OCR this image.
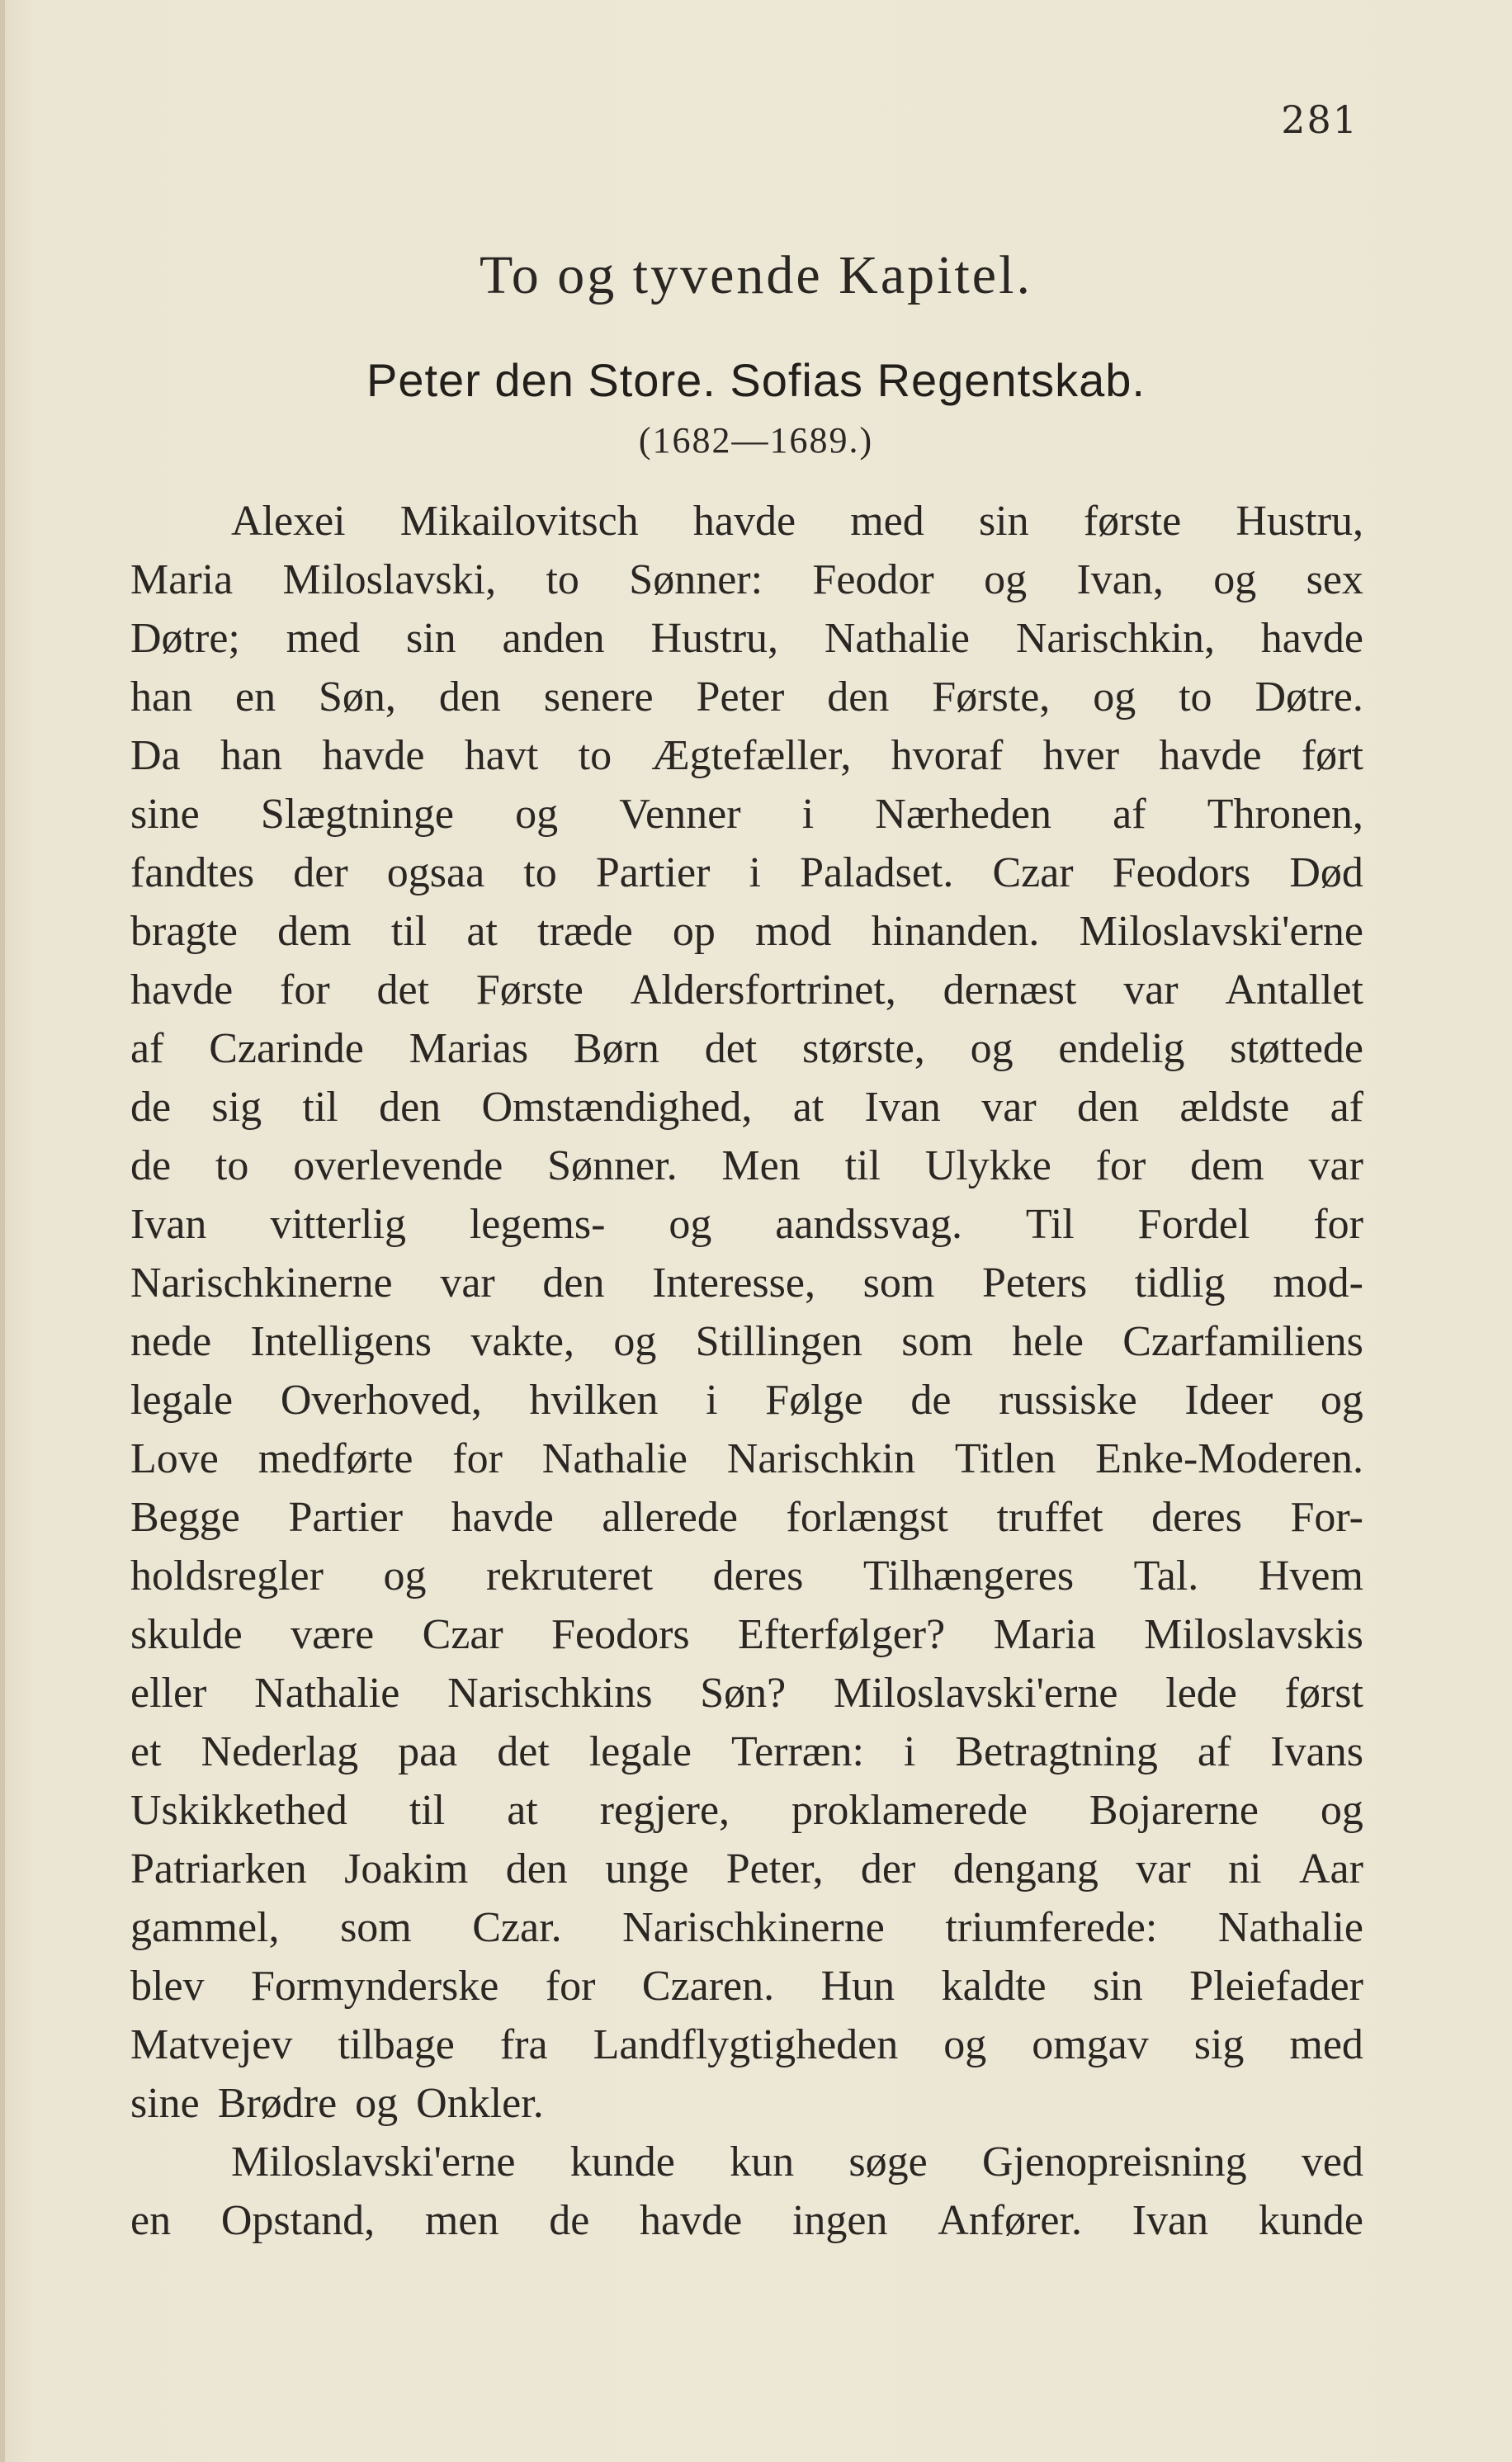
281
To og tyvende Kapitel.
Peter den Store. Sofias Regentskab.
(1682—1689.)
Alexei Mikailovitsch havde med sin første Hustru,
Maria Miloslavski, to Sønner: Feodor og Ivan, og sex
Døtre; med sin anden Hustru, Nathalie Narischkin, havde
han en Søn, den senere Peter den Første, og to Døtre.
Da han havde havt to Ægtefæller, hvoraf hver havde ført
sine Slægtninge og Venner i Nærheden af Thronen,
fandtes der ogsaa to Partier i Paladset. Czar Feodors Død
bragte dem til at træde op mod hinanden. Miloslavski'erne
havde for det Første Aldersfortrinet, dernæst var Antallet
af Czarinde Marias Børn det største, og endelig støttede
de sig til den Omstændighed, at Ivan var den ældste af
de to overlevende Sønner. Men til Ulykke for dem var
Ivan vitterlig legems- og aandssvag. Til Fordel for
Narischkinerne var den Interesse, som Peters tidlig mod-
nede Intelligens vakte, og Stillingen som hele Czarfamiliens
legale Overhoved, hvilken i Følge de russiske Ideer og
Love medførte for Nathalie Narischkin Titlen Enke-Moderen.
Begge Partier havde allerede forlængst truffet deres For-
holdsregler og rekruteret deres Tilhængeres Tal. Hvem
skulde være Czar Feodors Efterfølger? Maria Miloslavskis
eller Nathalie Narischkins Søn? Miloslavski'erne lede først
et Nederlag paa det legale Terræn: i Betragtning af Ivans
Uskikkethed til at regjere, proklamerede Bojarerne og
Patriarken Joakim den unge Peter, der dengang var ni Aar
gammel, som Czar. Narischkinerne triumferede: Nathalie
blev Formynderske for Czaren. Hun kaldte sin Pleiefader
Matvejev tilbage fra Landflygtigheden og omgav sig med
sine Brødre og Onkler.
Miloslavski'erne kunde kun søge Gjenopreisning ved
en Opstand, men de havde ingen Anfører. Ivan kunde
